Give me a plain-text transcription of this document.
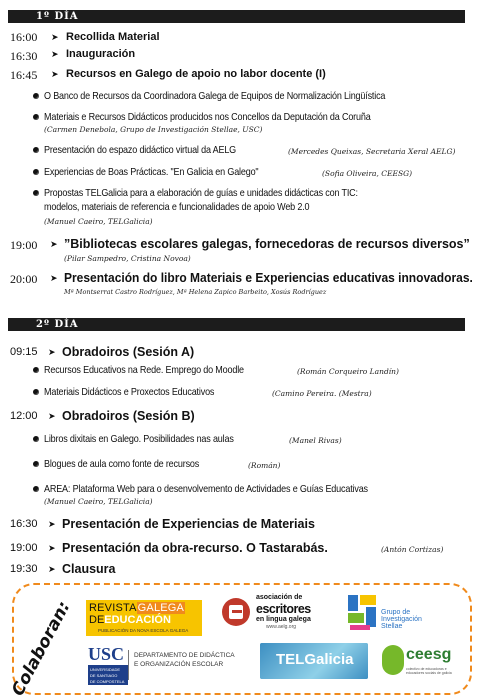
1º DÍA
16:00 ➤ Recollida Material
16:30 ➤ Inauguración
16:45 ➤ Recursos en Galego de apoio no labor docente (I)
O Banco de Recursos da Coordinadora Galega de Equipos de Normalización Lingüística
Materiais e Recursos Didácticos producidos nos Concellos da Deputación da Coruña
(Carmen Denebola, Grupo de Investigación Stellae, USC)
Presentación do espazo didáctico virtual da AELG	(Mercedes Queixas, Secretaria Xeral AELG)
Experiencias de Boas Prácticas. "En Galicia en Galego"	(Sofia Oliveira, CEESG)
Propostas TELGalicia para a elaboración de guías e unidades didácticas con TIC:
modelos, materiais de referencia e funcionalidades de apoio Web 2.0
(Manuel Caeiro, TELGalicia)
19:00 ➤ ”Bibliotecas escolares galegas, fornecedoras de recursos diversos”
(Pilar Sampedro, Cristina Novoa)
20:00 ➤ Presentación do libro Materiais e Experiencias educativas innovadoras.
Mª Montserrat Castro Rodríguez, Mª Helena Zapico Barbeito, Xosús Rodríguez
2º DÍA
09:15 ➤ Obradoiros (Sesión A)
Recursos Educativos na Rede. Emprego do Moodle	(Román Corqueiro Landín)
Materiais Didácticos e Proxectos Educativos	(Camino Pereira. (Mestra)
12:00 ➤ Obradoiros (Sesión B)
Libros dixitais en Galego. Posibilidades nas aulas	(Manel Rivas)
Blogues de aula como fonte de recursos	(Román)
AREA: Plataforma Web para o desenvolvemento de Actividades e Guías Educativas
(Manuel Caeiro, TELGalicia)
16:30 ➤ Presentación de Experiencias de Materiais
19:00 ➤ Presentación da obra-recurso. O Tastarabás.	(Antón Cortizas)
19:30 ➤ Clausura
Colaboran: REVISTAGALEGA
DEEDUCACIÓN
PUBLICACIÓN DA NOVA ESCOLA GALEGA
asociación de
escritores
en lingua galega
www.aelg.org
Grupo de
Investigación
Stellae
USC
UNIVERSIDADE
DE SANTIAGO
DE COMPOSTELA
DEPARTAMENTO DE DIDÁCTICA
E ORGANIZACIÓN ESCOLAR	TELGalicia	ceesg
colectivo de educadoras e educadores sociais de galicia
